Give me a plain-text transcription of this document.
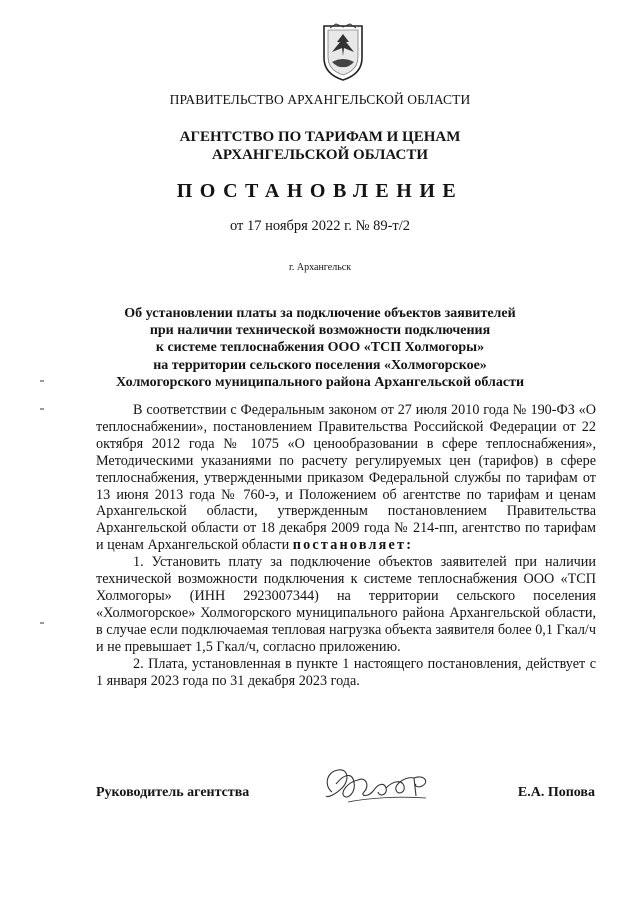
ПРАВИТЕЛЬСТВО АРХАНГЕЛЬСКОЙ ОБЛАСТИ
АГЕНТСТВО ПО ТАРИФАМ И ЦЕНАМ
АРХАНГЕЛЬСКОЙ ОБЛАСТИ
ПОСТАНОВЛЕНИЕ
от 17 ноября 2022 г. № 89-т/2
г. Архангельск
Об установлении платы за подключение объектов заявителей
при наличии технической возможности подключения
к системе теплоснабжения ООО «ТСП Холмогоры»
на территории сельского поселения «Холмогорское»
Холмогорского муниципального района Архангельской области

В соответствии с Федеральным законом от 27 июля 2010 года № 190-ФЗ «О теплоснабжении», постановлением Правительства Российской Федерации от 22 октября 2012 года № 1075 «О ценообразовании в сфере теплоснабжения», Методическими указаниями по расчету регулируемых цен (тарифов) в сфере теплоснабжения, утвержденными приказом Федеральной службы по тарифам от 13 июня 2013 года № 760-э, и Положением об агентстве по тарифам и ценам Архангельской области, утвержденным постановлением Правительства Архангельской области от 18 декабря 2009 года № 214-пп, агентство по тарифам и ценам Архангельской области постановляет:

1. Установить плату за подключение объектов заявителей при наличии технической возможности подключения к системе теплоснабжения ООО «ТСП Холмогоры» (ИНН 2923007344) на территории сельского поселения «Холмогорское» Холмогорского муниципального района Архангельской области, в случае если подключаемая тепловая нагрузка объекта заявителя более 0,1 Гкал/ч и не превышает 1,5 Гкал/ч, согласно приложению.

2. Плата, установленная в пункте 1 настоящего постановления, действует с 1 января 2023 года по 31 декабря 2023 года.

Руководитель агентства	Е.А. Попова
